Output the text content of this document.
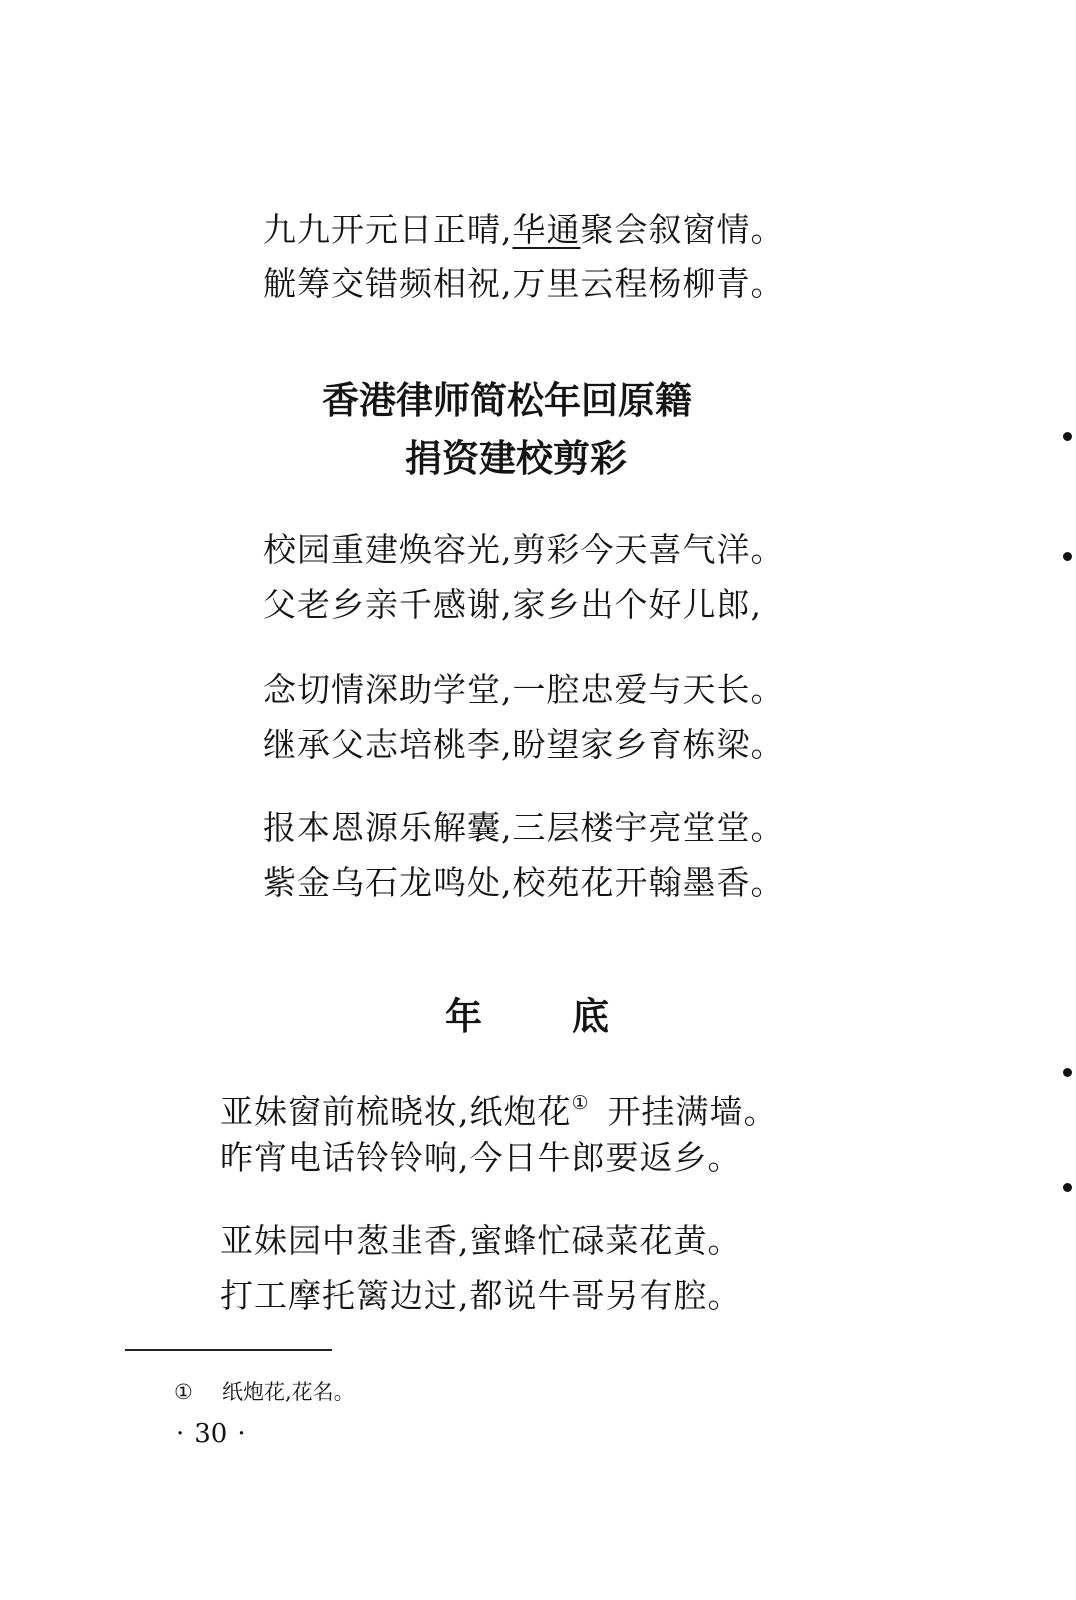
九九开元日正晴,华通聚会叙窗情。
觥筹交错频相祝,万里云程杨柳青。
香港律师简松年回原籍
捐资建校剪彩
校园重建焕容光,剪彩今天喜气洋。
父老乡亲千感谢,家乡出个好儿郎,
念切情深助学堂,一腔忠爱与天长。
继承父志培桃李,盼望家乡育栋梁。
报本恩源乐解囊,三层楼宇亮堂堂。
紫金乌石龙鸣处,校苑花开翰墨香。
年 底
亚妹窗前梳晓妆,纸炮花① 开挂满墙。
昨宵电话铃铃响,今日牛郎要返乡。
亚妹园中葱韭香,蜜蜂忙碌菜花黄。
打工摩托篱边过,都说牛哥另有腔。
① 纸炮花,花名。
· 30 ·
